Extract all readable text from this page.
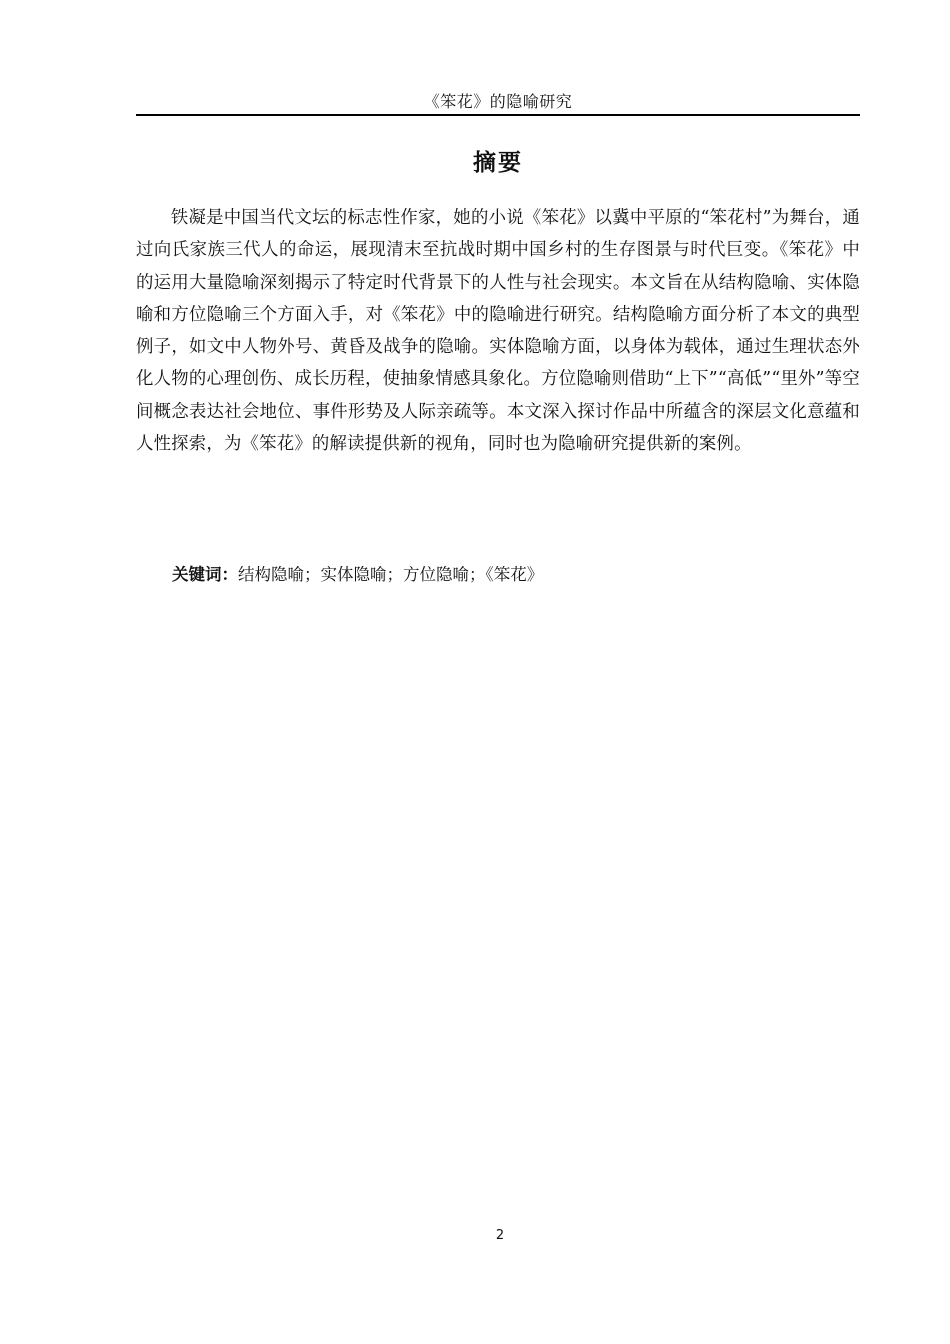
《笨花》的隐喻研究
摘要

铁凝是中国当代文坛的标志性作家，她的小说《笨花》以冀中平原的“笨花村”为舞台，通过向氏家族三代人的命运，展现清末至抗战时期中国乡村的生存图景与时代巨变。《笨花》中的运用大量隐喻深刻揭示了特定时代背景下的人性与社会现实。本文旨在从结构隐喻、实体隐喻和方位隐喻三个方面入手，对《笨花》中的隐喻进行研究。结构隐喻方面分析了本文的典型例子，如文中人物外号、黄昏及战争的隐喻。实体隐喻方面，以身体为载体，通过生理状态外化人物的心理创伤、成长历程，使抽象情感具象化。方位隐喻则借助“上下”“高低”“里外”等空间概念表达社会地位、事件形势及人际亲疏等。本文深入探讨作品中所蕴含的深层文化意蕴和人性探索，为《笨花》的解读提供新的视角，同时也为隐喻研究提供新的案例。

关键词：结构隐喻；实体隐喻；方位隐喻；《笨花》
2
